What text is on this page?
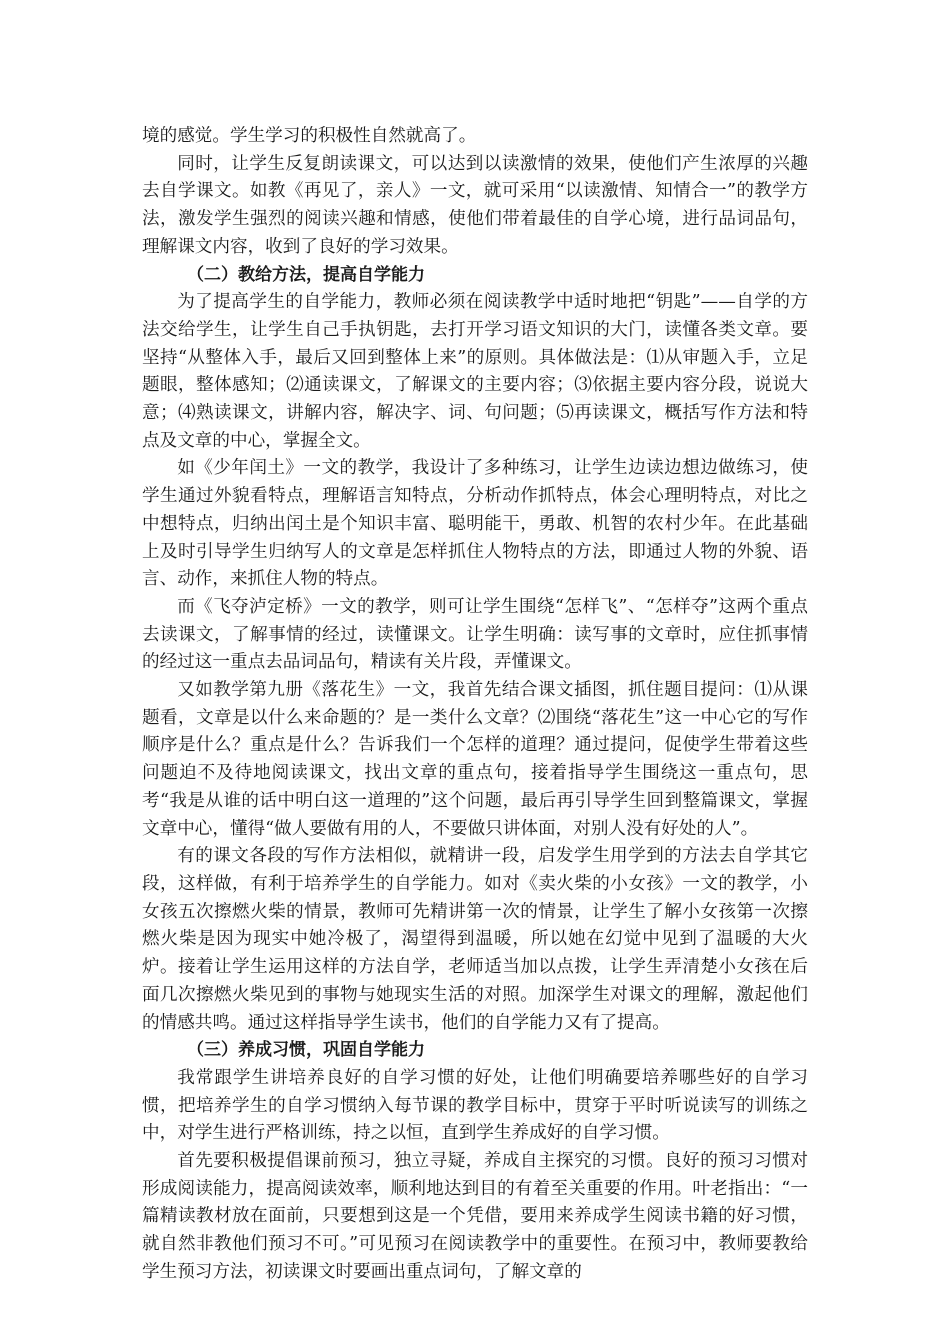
境的感觉。学生学习的积极性自然就高了。

同时，让学生反复朗读课文，可以达到以读激情的效果，使他们产生浓厚的兴趣去自学课文。如教《再见了，亲人》一文，就可采用“以读激情、知情合一”的教学方法，激发学生强烈的阅读兴趣和情感，使他们带着最佳的自学心境，进行品词品句，理解课文内容，收到了良好的学习效果。

（二）教给方法，提高自学能力

为了提高学生的自学能力，教师必须在阅读教学中适时地把“钥匙”——自学的方法交给学生，让学生自己手执钥匙，去打开学习语文知识的大门，读懂各类文章。要坚持“从整体入手，最后又回到整体上来”的原则。具体做法是：⑴从审题入手，立足题眼，整体感知；⑵通读课文，了解课文的主要内容；⑶依据主要内容分段，说说大意；⑷熟读课文，讲解内容，解决字、词、句问题；⑸再读课文，概括写作方法和特点及文章的中心，掌握全文。

如《少年闰土》一文的教学，我设计了多种练习，让学生边读边想边做练习，使学生通过外貌看特点，理解语言知特点，分析动作抓特点，体会心理明特点，对比之中想特点，归纳出闰土是个知识丰富、聪明能干，勇敢、机智的农村少年。在此基础上及时引导学生归纳写人的文章是怎样抓住人物特点的方法，即通过人物的外貌、语言、动作，来抓住人物的特点。

而《飞夺泸定桥》一文的教学，则可让学生围绕“怎样飞”、“怎样夺”这两个重点去读课文，了解事情的经过，读懂课文。让学生明确：读写事的文章时，应住抓事情的经过这一重点去品词品句，精读有关片段，弄懂课文。

又如教学第九册《落花生》一文，我首先结合课文插图，抓住题目提问：⑴从课题看，文章是以什么来命题的？是一类什么文章？⑵围绕“落花生”这一中心它的写作顺序是什么？重点是什么？告诉我们一个怎样的道理？通过提问，促使学生带着这些问题迫不及待地阅读课文，找出文章的重点句，接着指导学生围绕这一重点句，思考“我是从谁的话中明白这一道理的”这个问题，最后再引导学生回到整篇课文，掌握文章中心，懂得“做人要做有用的人，不要做只讲体面，对别人没有好处的人”。

有的课文各段的写作方法相似，就精讲一段，启发学生用学到的方法去自学其它段，这样做，有利于培养学生的自学能力。如对《卖火柴的小女孩》一文的教学，小女孩五次擦燃火柴的情景，教师可先精讲第一次的情景，让学生了解小女孩第一次擦燃火柴是因为现实中她冷极了，渴望得到温暖，所以她在幻觉中见到了温暖的大火炉。接着让学生运用这样的方法自学，老师适当加以点拨，让学生弄清楚小女孩在后面几次擦燃火柴见到的事物与她现实生活的对照。加深学生对课文的理解，激起他们的情感共鸣。通过这样指导学生读书，他们的自学能力又有了提高。

（三）养成习惯，巩固自学能力

我常跟学生讲培养良好的自学习惯的好处，让他们明确要培养哪些好的自学习惯，把培养学生的自学习惯纳入每节课的教学目标中，贯穿于平时听说读写的训练之中，对学生进行严格训练，持之以恒，直到学生养成好的自学习惯。

首先要积极提倡课前预习，独立寻疑，养成自主探究的习惯。良好的预习习惯对形成阅读能力，提高阅读效率，顺利地达到目的有着至关重要的作用。叶老指出：“一篇精读教材放在面前，只要想到这是一个凭借，要用来养成学生阅读书籍的好习惯，就自然非教他们预习不可。”可见预习在阅读教学中的重要性。在预习中，教师要教给学生预习方法，初读课文时要画出重点词句，了解文章的
